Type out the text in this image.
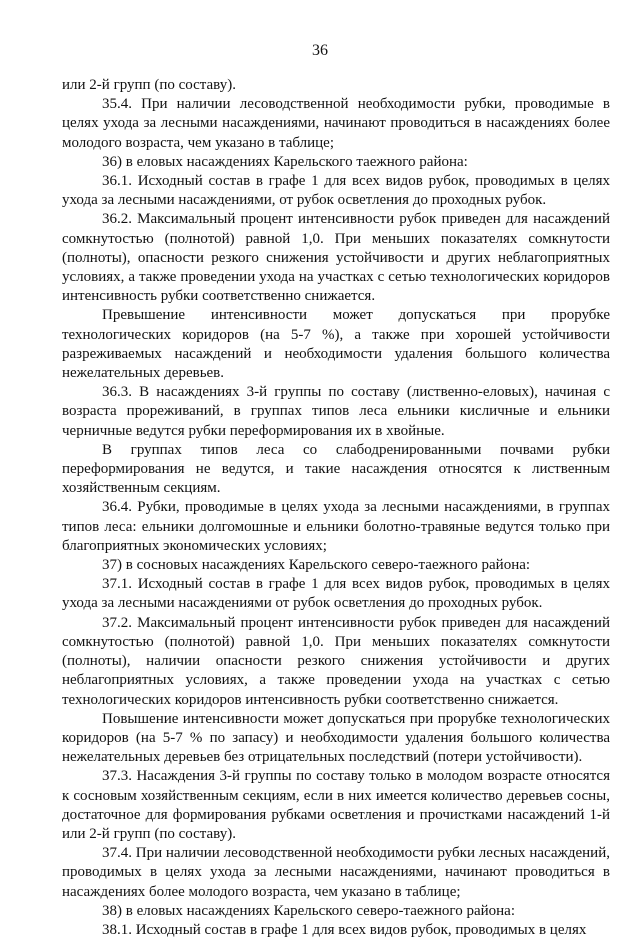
36

или 2-й групп (по составу).

35.4. При наличии лесоводственной необходимости рубки, проводимые в целях ухода за лесными насаждениями, начинают проводиться в насаждениях более молодого возраста, чем указано в таблице;

36) в еловых насаждениях Карельского таежного района:

36.1. Исходный состав в графе 1 для всех видов рубок, проводимых в целях ухода за лесными насаждениями, от рубок осветления до проходных рубок.

36.2. Максимальный процент интенсивности рубок приведен для насаждений сомкнутостью (полнотой) равной 1,0. При меньших показателях сомкнутости (полноты), опасности резкого снижения устойчивости и других неблагоприятных условиях, а также проведении ухода на участках с сетью технологических коридоров интенсивность рубки соответственно снижается.

Превышение интенсивности может допускаться при прорубке технологических коридоров (на 5-7 %), а также при хорошей устойчивости разреживаемых насаждений и необходимости удаления большого количества нежелательных деревьев.

36.3. В насаждениях 3-й группы по составу (лиственно-еловых), начиная с возраста прореживаний, в группах типов леса ельники кисличные и ельники черничные ведутся рубки переформирования их в хвойные.

В группах типов леса со слабодренированными почвами рубки переформирования не ведутся, и такие насаждения относятся к лиственным хозяйственным секциям.

36.4. Рубки, проводимые в целях ухода за лесными насаждениями, в группах типов леса: ельники долгомошные и ельники болотно-травяные ведутся только при благоприятных экономических условиях;

37) в сосновых насаждениях Карельского северо-таежного района:

37.1. Исходный состав в графе 1 для всех видов рубок, проводимых в целях ухода за лесными насаждениями от рубок осветления до проходных рубок.

37.2. Максимальный процент интенсивности рубок приведен для насаждений сомкнутостью (полнотой) равной 1,0. При меньших показателях сомкнутости (полноты), наличии опасности резкого снижения устойчивости и других неблагоприятных условиях, а также проведении ухода на участках с сетью технологических коридоров интенсивность рубки соответственно снижается.

Повышение интенсивности может допускаться при прорубке технологических коридоров (на 5-7 % по запасу) и необходимости удаления большого количества нежелательных деревьев без отрицательных последствий (потери устойчивости).

37.3. Насаждения 3-й группы по составу только в молодом возрасте относятся к сосновым хозяйственным секциям, если в них имеется количество деревьев сосны, достаточное для формирования рубками осветления и прочистками насаждений 1-й или 2-й групп (по составу).

37.4. При наличии лесоводственной необходимости рубки лесных насаждений, проводимых в целях ухода за лесными насаждениями, начинают проводиться в насаждениях более молодого возраста, чем указано в таблице;

38) в еловых насаждениях Карельского северо-таежного района:

38.1. Исходный состав в графе 1 для всех видов рубок, проводимых в целях
